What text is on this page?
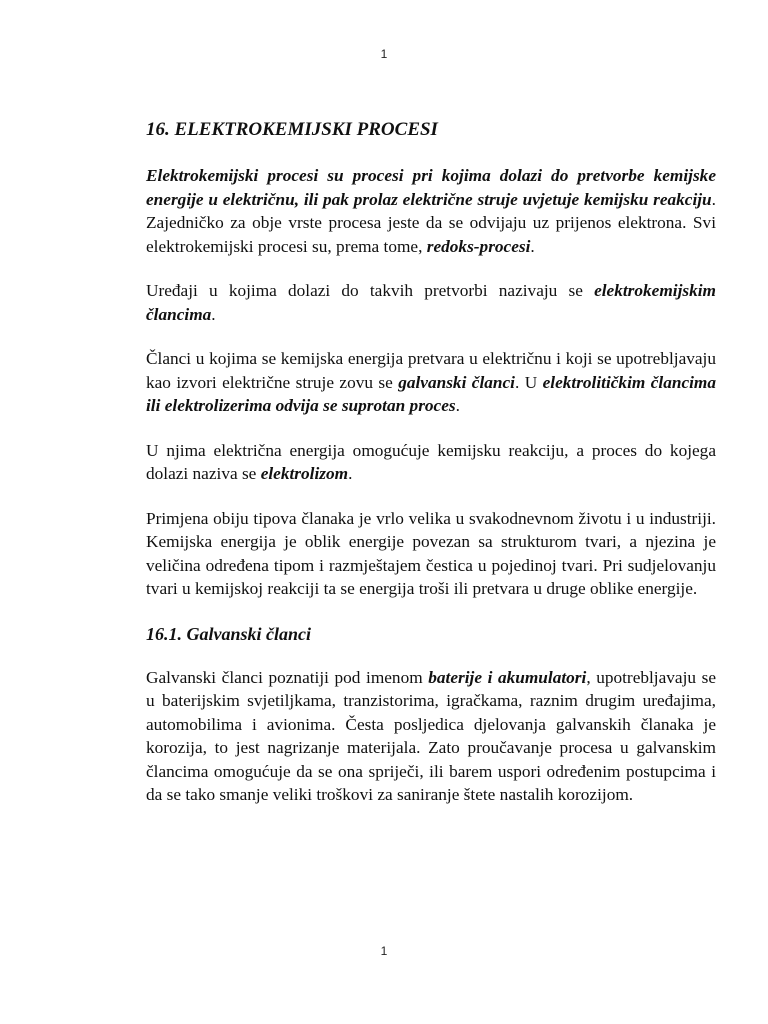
1
16. ELEKTROKEMIJSKI PROCESI

Elektrokemijski procesi su procesi pri kojima dolazi do pretvorbe kemijske energije u električnu, ili pak prolaz električne struje uvjetuje kemijsku reakciju. Zajedničko za obje vrste procesa jeste da se odvijaju uz prijenos elektrona. Svi elektrokemijski procesi su, prema tome, redoks-procesi.

Uređaji u kojima dolazi do takvih pretvorbi nazivaju se elektrokemijskim člancima.

Članci u kojima se kemijska energija pretvara u električnu i koji se upotrebljavaju kao izvori električne struje zovu se galvanski članci. U elektrolitičkim člancima ili elektrolizerima odvija se suprotan proces.

U njima električna energija omogućuje kemijsku reakciju, a proces do kojega dolazi naziva se elektrolizom.

Primjena obiju tipova članaka je vrlo velika u svakodnevnom životu i u industriji. Kemijska energija je oblik energije povezan sa strukturom tvari, a njezina je veličina određena tipom i razmještajem čestica u pojedinoj tvari. Pri sudjelovanju tvari u kemijskoj reakciji ta se energija troši ili pretvara u druge oblike energije.

16.1. Galvanski članci

Galvanski članci poznatiji pod imenom baterije i akumulatori, upotrebljavaju se u baterijskim svjetiljkama, tranzistorima, igračkama, raznim drugim uređajima, automobilima i avionima. Česta posljedica djelovanja galvanskih članaka je korozija, to jest nagrizanje materijala. Zato proučavanje procesa u galvanskim člancima omogućuje da se ona spriječi, ili barem uspori određenim postupcima i da se tako smanje veliki troškovi za saniranje štete nastalih korozijom.

1
